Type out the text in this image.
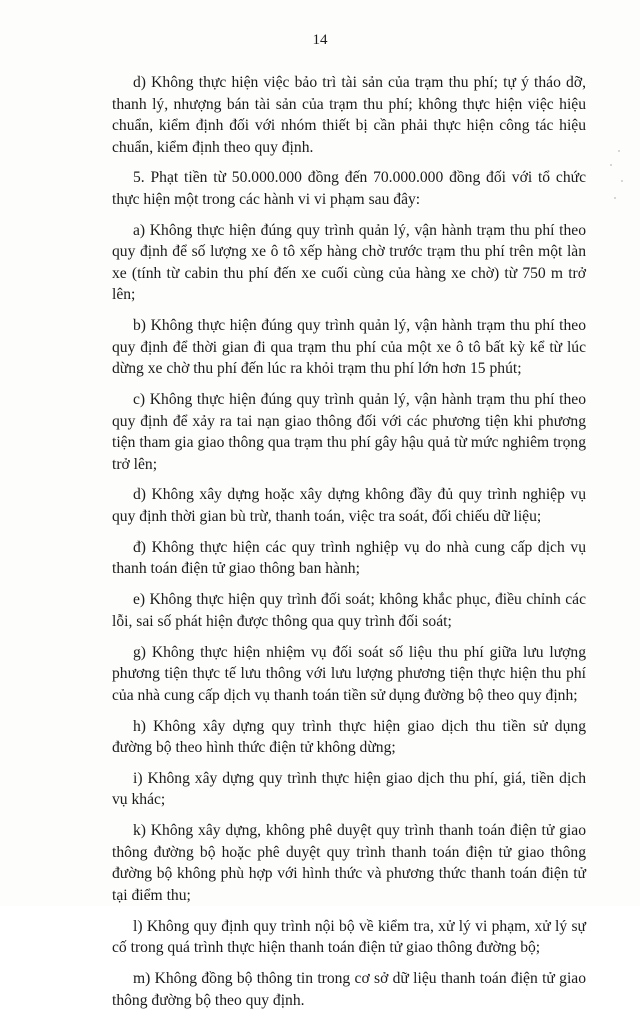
14

d) Không thực hiện việc bảo trì tài sản của trạm thu phí; tự ý tháo dỡ, thanh lý, nhượng bán tài sản của trạm thu phí; không thực hiện việc hiệu chuẩn, kiểm định đối với nhóm thiết bị cần phải thực hiện công tác hiệu chuẩn, kiểm định theo quy định.

5. Phạt tiền từ 50.000.000 đồng đến 70.000.000 đồng đối với tổ chức thực hiện một trong các hành vi vi phạm sau đây:

a) Không thực hiện đúng quy trình quản lý, vận hành trạm thu phí theo quy định để số lượng xe ô tô xếp hàng chờ trước trạm thu phí trên một làn xe (tính từ cabin thu phí đến xe cuối cùng của hàng xe chờ) từ 750 m trở lên;

b) Không thực hiện đúng quy trình quản lý, vận hành trạm thu phí theo quy định để thời gian đi qua trạm thu phí của một xe ô tô bất kỳ kể từ lúc dừng xe chờ thu phí đến lúc ra khỏi trạm thu phí lớn hơn 15 phút;

c) Không thực hiện đúng quy trình quản lý, vận hành trạm thu phí theo quy định để xảy ra tai nạn giao thông đối với các phương tiện khi phương tiện tham gia giao thông qua trạm thu phí gây hậu quả từ mức nghiêm trọng trở lên;

d) Không xây dựng hoặc xây dựng không đầy đủ quy trình nghiệp vụ quy định thời gian bù trừ, thanh toán, việc tra soát, đối chiếu dữ liệu;

đ) Không thực hiện các quy trình nghiệp vụ do nhà cung cấp dịch vụ thanh toán điện tử giao thông ban hành;

e) Không thực hiện quy trình đối soát; không khắc phục, điều chỉnh các lỗi, sai số phát hiện được thông qua quy trình đối soát;

g) Không thực hiện nhiệm vụ đối soát số liệu thu phí giữa lưu lượng phương tiện thực tế lưu thông với lưu lượng phương tiện thực hiện thu phí của nhà cung cấp dịch vụ thanh toán tiền sử dụng đường bộ theo quy định;

h) Không xây dựng quy trình thực hiện giao dịch thu tiền sử dụng đường bộ theo hình thức điện tử không dừng;

i) Không xây dựng quy trình thực hiện giao dịch thu phí, giá, tiền dịch vụ khác;

k) Không xây dựng, không phê duyệt quy trình thanh toán điện tử giao thông đường bộ hoặc phê duyệt quy trình thanh toán điện tử giao thông đường bộ không phù hợp với hình thức và phương thức thanh toán điện tử tại điểm thu;

l) Không quy định quy trình nội bộ về kiểm tra, xử lý vi phạm, xử lý sự cố trong quá trình thực hiện thanh toán điện tử giao thông đường bộ;

m) Không đồng bộ thông tin trong cơ sở dữ liệu thanh toán điện tử giao thông đường bộ theo quy định.
